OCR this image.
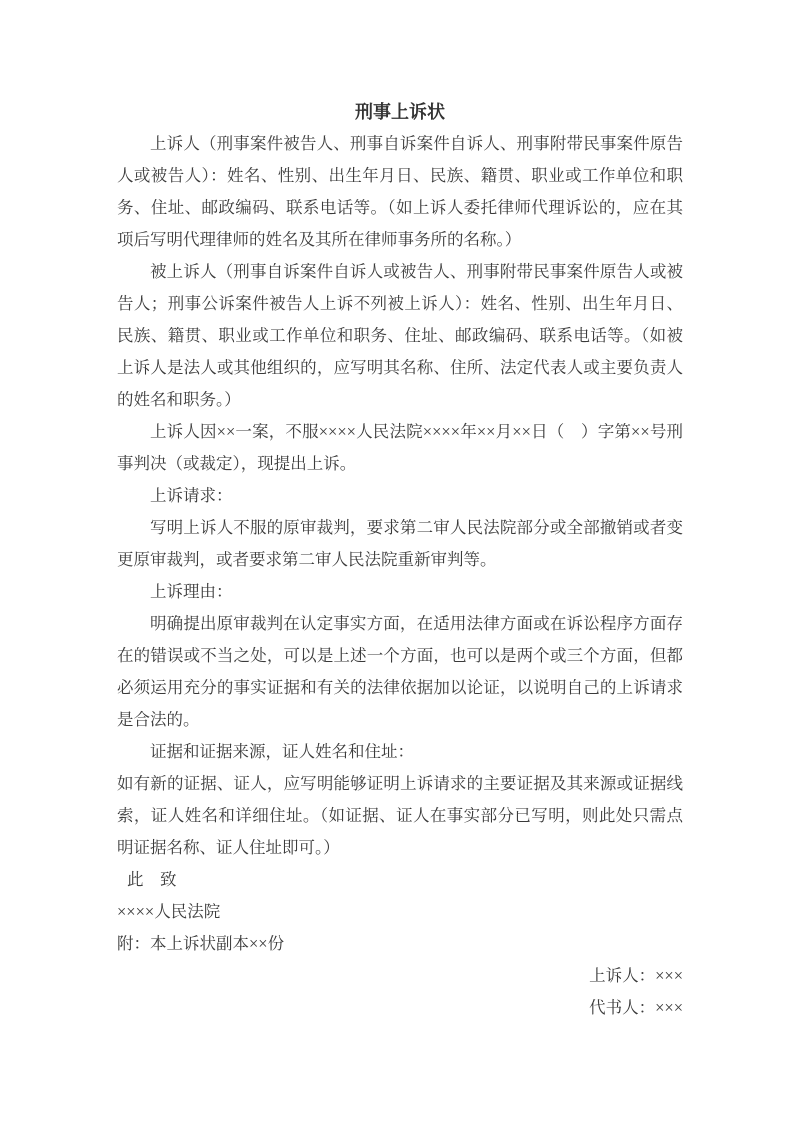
刑事上诉状

上诉人（刑事案件被告人、刑事自诉案件自诉人、刑事附带民事案件原告人或被告人）：姓名、性别、出生年月日、民族、籍贯、职业或工作单位和职务、住址、邮政编码、联系电话等。（如上诉人委托律师代理诉讼的，应在其项后写明代理律师的姓名及其所在律师事务所的名称。）

被上诉人（刑事自诉案件自诉人或被告人、刑事附带民事案件原告人或被告人；刑事公诉案件被告人上诉不列被上诉人）：姓名、性别、出生年月日、民族、籍贯、职业或工作单位和职务、住址、邮政编码、联系电话等。（如被上诉人是法人或其他组织的，应写明其名称、住所、法定代表人或主要负责人的姓名和职务。）

上诉人因××一案，不服××××人民法院××××年××月××日（　）字第××号刑事判决（或裁定），现提出上诉。

上诉请求：

写明上诉人不服的原审裁判，要求第二审人民法院部分或全部撤销或者变更原审裁判，或者要求第二审人民法院重新审判等。

上诉理由：

明确提出原审裁判在认定事实方面，在适用法律方面或在诉讼程序方面存在的错误或不当之处，可以是上述一个方面，也可以是两个或三个方面，但都必须运用充分的事实证据和有关的法律依据加以论证，以说明自己的上诉请求是合法的。

证据和证据来源，证人姓名和住址：

如有新的证据、证人，应写明能够证明上诉请求的主要证据及其来源或证据线索，证人姓名和详细住址。（如证据、证人在事实部分已写明，则此处只需点明证据名称、证人住址即可。）

此　致

××××人民法院

附：本上诉状副本××份

上诉人：×××

代书人：×××
